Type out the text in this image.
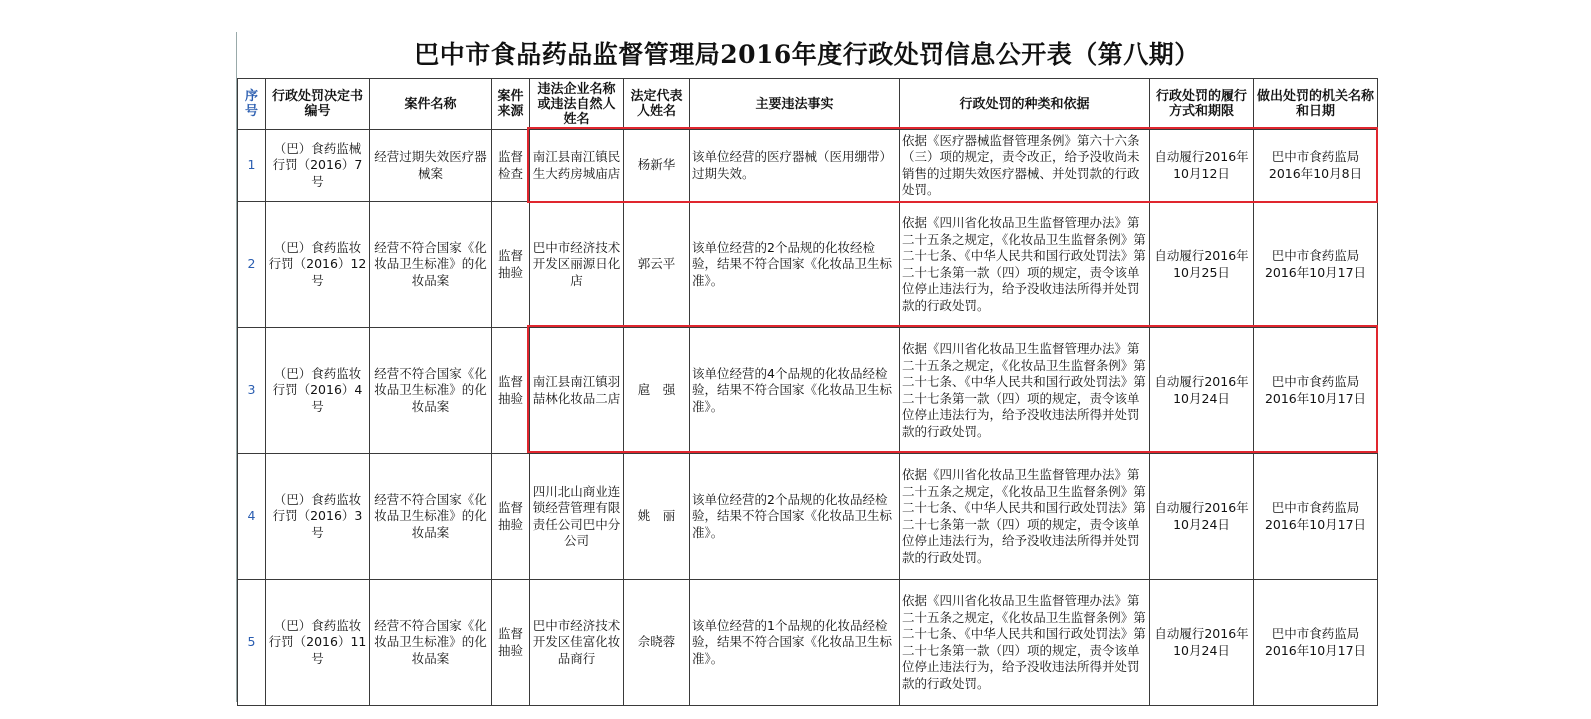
巴中市食品药品监督管理局2016年度行政处罚信息公开表（第八期）
序号	行政处罚决定书编号	案件名称	案件来源	违法企业名称或违法自然人姓名	法定代表人姓名	主要违法事实	行政处罚的种类和依据	行政处罚的履行方式和期限	做出处罚的机关名称和日期
1	（巴）食药监械行罚（2016）7号	经营过期失效医疗器械案	监督检查	南江县南江镇民生大药房城庙店	杨新华	该单位经营的医疗器械（医用绷带）过期失效。	依据《医疗器械监督管理条例》第六十六条（三）项的规定，责令改正，给予没收尚未销售的过期失效医疗器械、并处罚款的行政处罚。	自动履行2016年10月12日	巴中市食药监局2016年10月8日
2	（巴）食药监妆行罚（2016）12号	经营不符合国家《化妆品卫生标准》的化妆品案	监督抽验	巴中市经济技术开发区丽源日化店	郭云平	该单位经营的2个品规的化妆经检验，结果不符合国家《化妆品卫生标准》。	依据《四川省化妆品卫生监督管理办法》第二十五条之规定，《化妆品卫生监督条例》第二十七条、《中华人民共和国行政处罚法》第二十七条第一款（四）项的规定，责令该单位停止违法行为，给予没收违法所得并处罚款的行政处罚。	自动履行2016年10月25日	巴中市食药监局2016年10月17日
3	（巴）食药监妆行罚（2016）4号	经营不符合国家《化妆品卫生标准》的化妆品案	监督抽验	南江县南江镇羽喆林化妆品二店	扈　强	该单位经营的4个品规的化妆品经检验，结果不符合国家《化妆品卫生标准》。	依据《四川省化妆品卫生监督管理办法》第二十五条之规定，《化妆品卫生监督条例》第二十七条、《中华人民共和国行政处罚法》第二十七条第一款（四）项的规定，责令该单位停止违法行为，给予没收违法所得并处罚款的行政处罚。	自动履行2016年10月24日	巴中市食药监局2016年10月17日
4	（巴）食药监妆行罚（2016）3号	经营不符合国家《化妆品卫生标准》的化妆品案	监督抽验	四川北山商业连锁经营管理有限责任公司巴中分公司	姚　丽	该单位经营的2个品规的化妆品经检验，结果不符合国家《化妆品卫生标准》。	依据《四川省化妆品卫生监督管理办法》第二十五条之规定，《化妆品卫生监督条例》第二十七条、《中华人民共和国行政处罚法》第二十七条第一款（四）项的规定，责令该单位停止违法行为，给予没收违法所得并处罚款的行政处罚。	自动履行2016年10月24日	巴中市食药监局2016年10月17日
5	（巴）食药监妆行罚（2016）11号	经营不符合国家《化妆品卫生标准》的化妆品案	监督抽验	巴中市经济技术开发区佳富化妆品商行	佘晓蓉	该单位经营的1个品规的化妆品经检验，结果不符合国家《化妆品卫生标准》。	依据《四川省化妆品卫生监督管理办法》第二十五条之规定，《化妆品卫生监督条例》第二十七条、《中华人民共和国行政处罚法》第二十七条第一款（四）项的规定，责令该单位停止违法行为，给予没收违法所得并处罚款的行政处罚。	自动履行2016年10月24日	巴中市食药监局2016年10月17日
